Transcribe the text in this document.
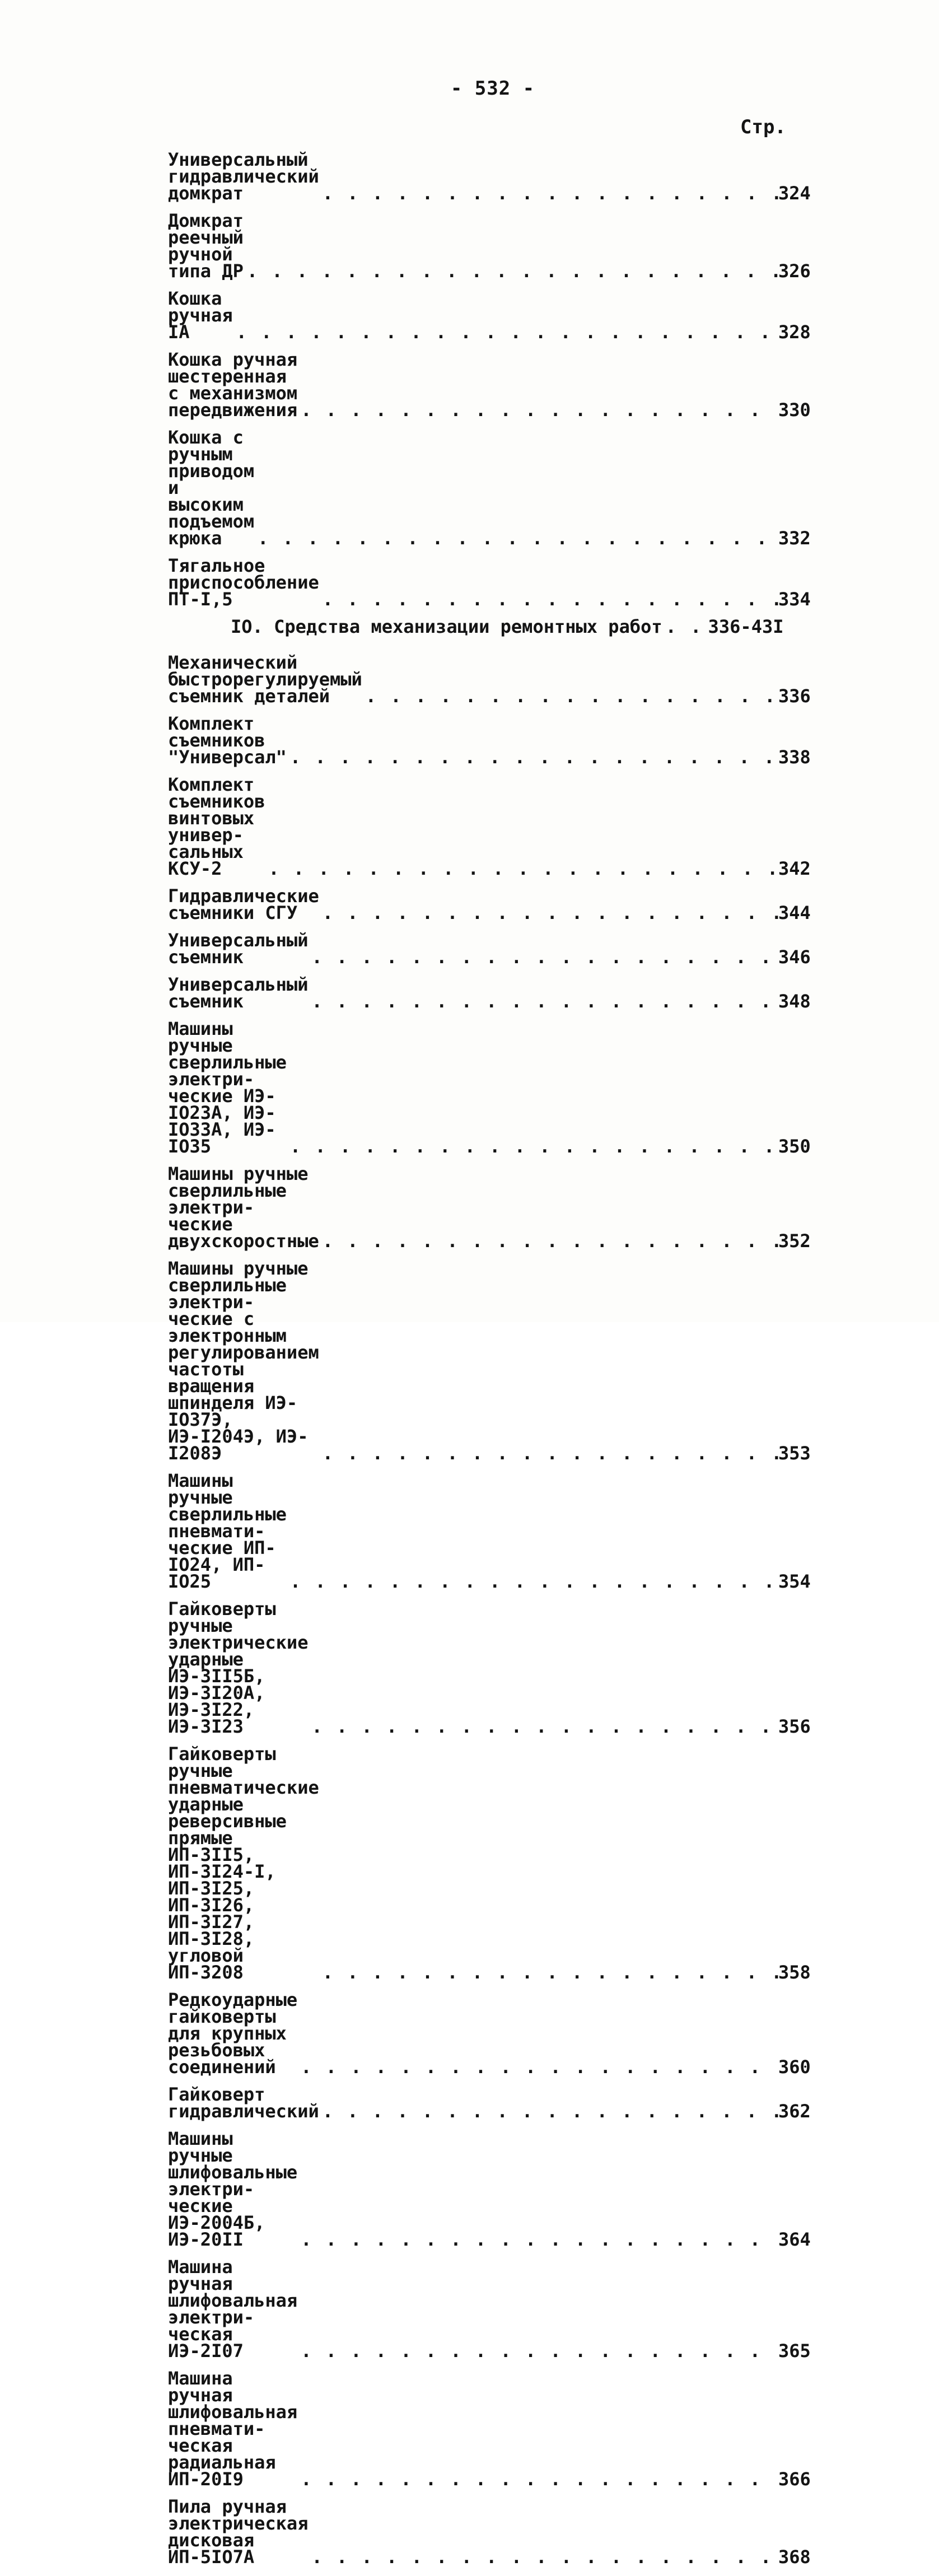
- 532 -
Стр.
Универсальный гидравлический домкрат . . .	324
Домкрат реечный ручной типа ДР . . .	326
Кошка ручная IA . . .	328
Кошка ручная шестеренная с механизмом
передвижения . . .	330
Кошка с ручным приводом и высоким
подъемом крюка . . .	332
Тягальное приспособление ПТ-I,5 . . .	334
IO. Средства механизации ремонтных работ . . .	336-43I
Механический быстрорегулируемый
съемник деталей . . .	336
Комплект съемников "Универсал" . . .	338
Комплект съемников винтовых универ-
сальных КСУ-2 . . .	342
Гидравлические съемники СГУ . . .	344
Универсальный съемник . . .	346
Универсальный съемник . . .	348
Машины ручные сверлильные электри-
ческие ИЭ-IO23A, ИЭ-IO33A, ИЭ-IO35 . . .	350
Машины ручные сверлильные электри-
ческие двухскоростные . . .	352
Машины ручные сверлильные электри-
ческие с электронным регулированием
частоты вращения шпинделя ИЭ-IO37Э,
ИЭ-I204Э, ИЭ-I208Э . . .	353
Машины ручные сверлильные пневмати-
ческие ИП-IO24, ИП-IO25 . . .	354
Гайковерты ручные электрические ударные
ИЭ-3II5Б, ИЭ-3I20A, ИЭ-3I22, ИЭ-3I23 . . .	356
Гайковерты ручные пневматические ударные
реверсивные прямые ИП-3II5, ИП-3I24-I,
ИП-3I25, ИП-3I26, ИП-3I27, ИП-3I28,
угловой ИП-3208 . . .	358
Редкоударные гайковерты для крупных
резьбовых соединений . . .	360
Гайковерт гидравлический . . .	362
Машины ручные шлифовальные электри-
ческие ИЭ-2004Б, ИЭ-20II . . .	364
Машина ручная шлифовальная электри-
ческая ИЭ-2I07 . . .	365
Машина ручная шлифовальная пневмати-
ческая радиальная ИП-20I9 . . .	366
Пила ручная электрическая дисковая ИП-5IO7A . . .	368
